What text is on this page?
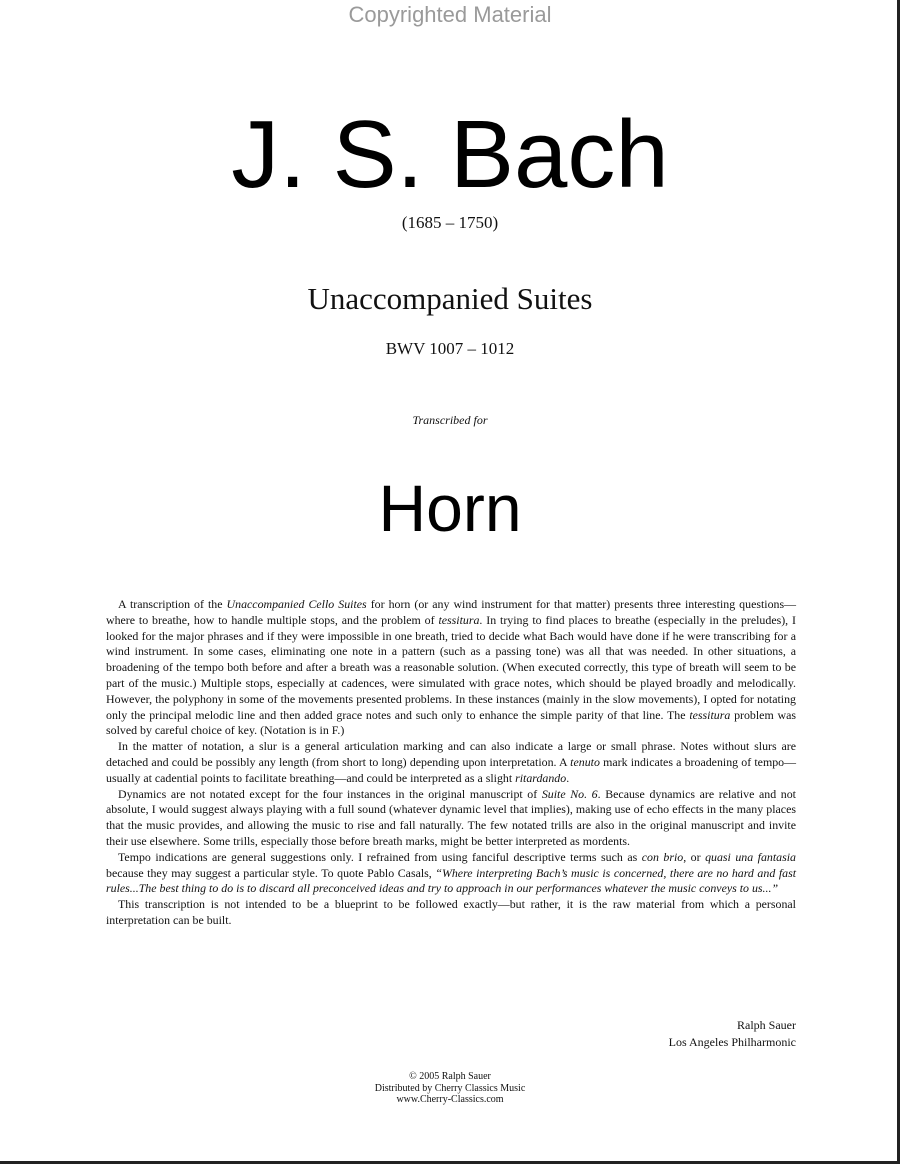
Copyrighted Material
J. S. Bach
(1685 – 1750)
Unaccompanied Suites
BWV 1007 – 1012
Transcribed for
Horn

A transcription of the Unaccompanied Cello Suites for horn (or any wind instrument for that matter) presents three interesting questions—where to breathe, how to handle multiple stops, and the problem of tessitura. In trying to find places to breathe (especially in the preludes), I looked for the major phrases and if they were impossible in one breath, tried to decide what Bach would have done if he were transcribing for a wind instrument. In some cases, eliminating one note in a pattern (such as a passing tone) was all that was needed. In other situations, a broadening of the tempo both before and after a breath was a reasonable solution. (When executed correctly, this type of breath will seem to be part of the music.) Multiple stops, especially at cadences, were simulated with grace notes, which should be played broadly and melodically. However, the polyphony in some of the movements presented problems. In these instances (mainly in the slow movements), I opted for notating only the principal melodic line and then added grace notes and such only to enhance the simple parity of that line. The tessitura problem was solved by careful choice of key. (Notation is in F.)

In the matter of notation, a slur is a general articulation marking and can also indicate a large or small phrase. Notes without slurs are detached and could be possibly any length (from short to long) depending upon interpretation. A tenuto mark indicates a broadening of tempo—usually at cadential points to facilitate breathing—and could be interpreted as a slight ritardando.

Dynamics are not notated except for the four instances in the original manuscript of Suite No. 6. Because dynamics are relative and not absolute, I would suggest always playing with a full sound (whatever dynamic level that implies), making use of echo effects in the many places that the music provides, and allowing the music to rise and fall naturally. The few notated trills are also in the original manuscript and invite their use elsewhere. Some trills, especially those before breath marks, might be better interpreted as mordents.

Tempo indications are general suggestions only. I refrained from using fanciful descriptive terms such as con brio, or quasi una fantasia because they may suggest a particular style. To quote Pablo Casals, “Where interpreting Bach’s music is concerned, there are no hard and fast rules...The best thing to do is to discard all preconceived ideas and try to approach in our performances whatever the music conveys to us...”

This transcription is not intended to be a blueprint to be followed exactly—but rather, it is the raw material from which a personal interpretation can be built.

Ralph Sauer
Los Angeles Philharmonic
© 2005 Ralph Sauer
Distributed by Cherry Classics Music
www.Cherry-Classics.com
